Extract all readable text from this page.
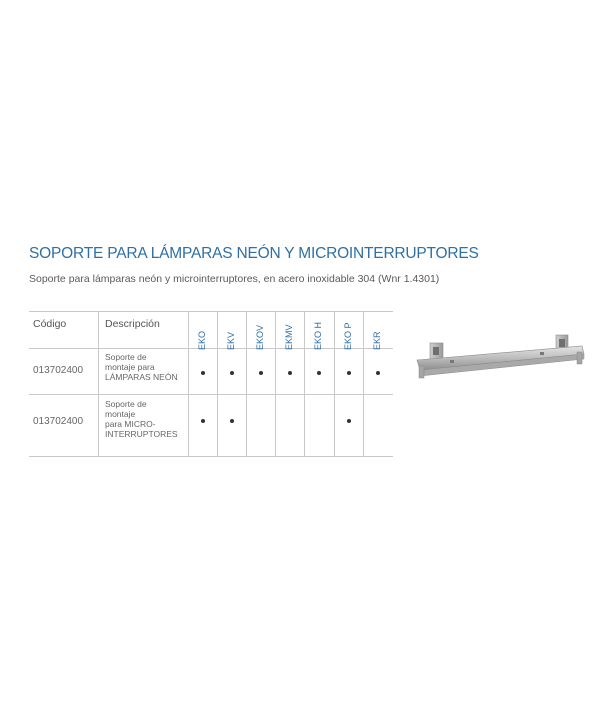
SOPORTE PARA LÁMPARAS NEÓN Y MICROINTERRUPTORES
Soporte para lámparas neón y microinterruptores, en acero inoxidable 304 (Wnr 1.4301)
Código	Descripción
EKO EKV EKOV EKMV EKO H EKO P EKR
013702400
Soporte de
montaje para
LÁMPARAS NEÓN
013702400
Soporte de
montaje
para MICRO-
INTERRUPTORES
